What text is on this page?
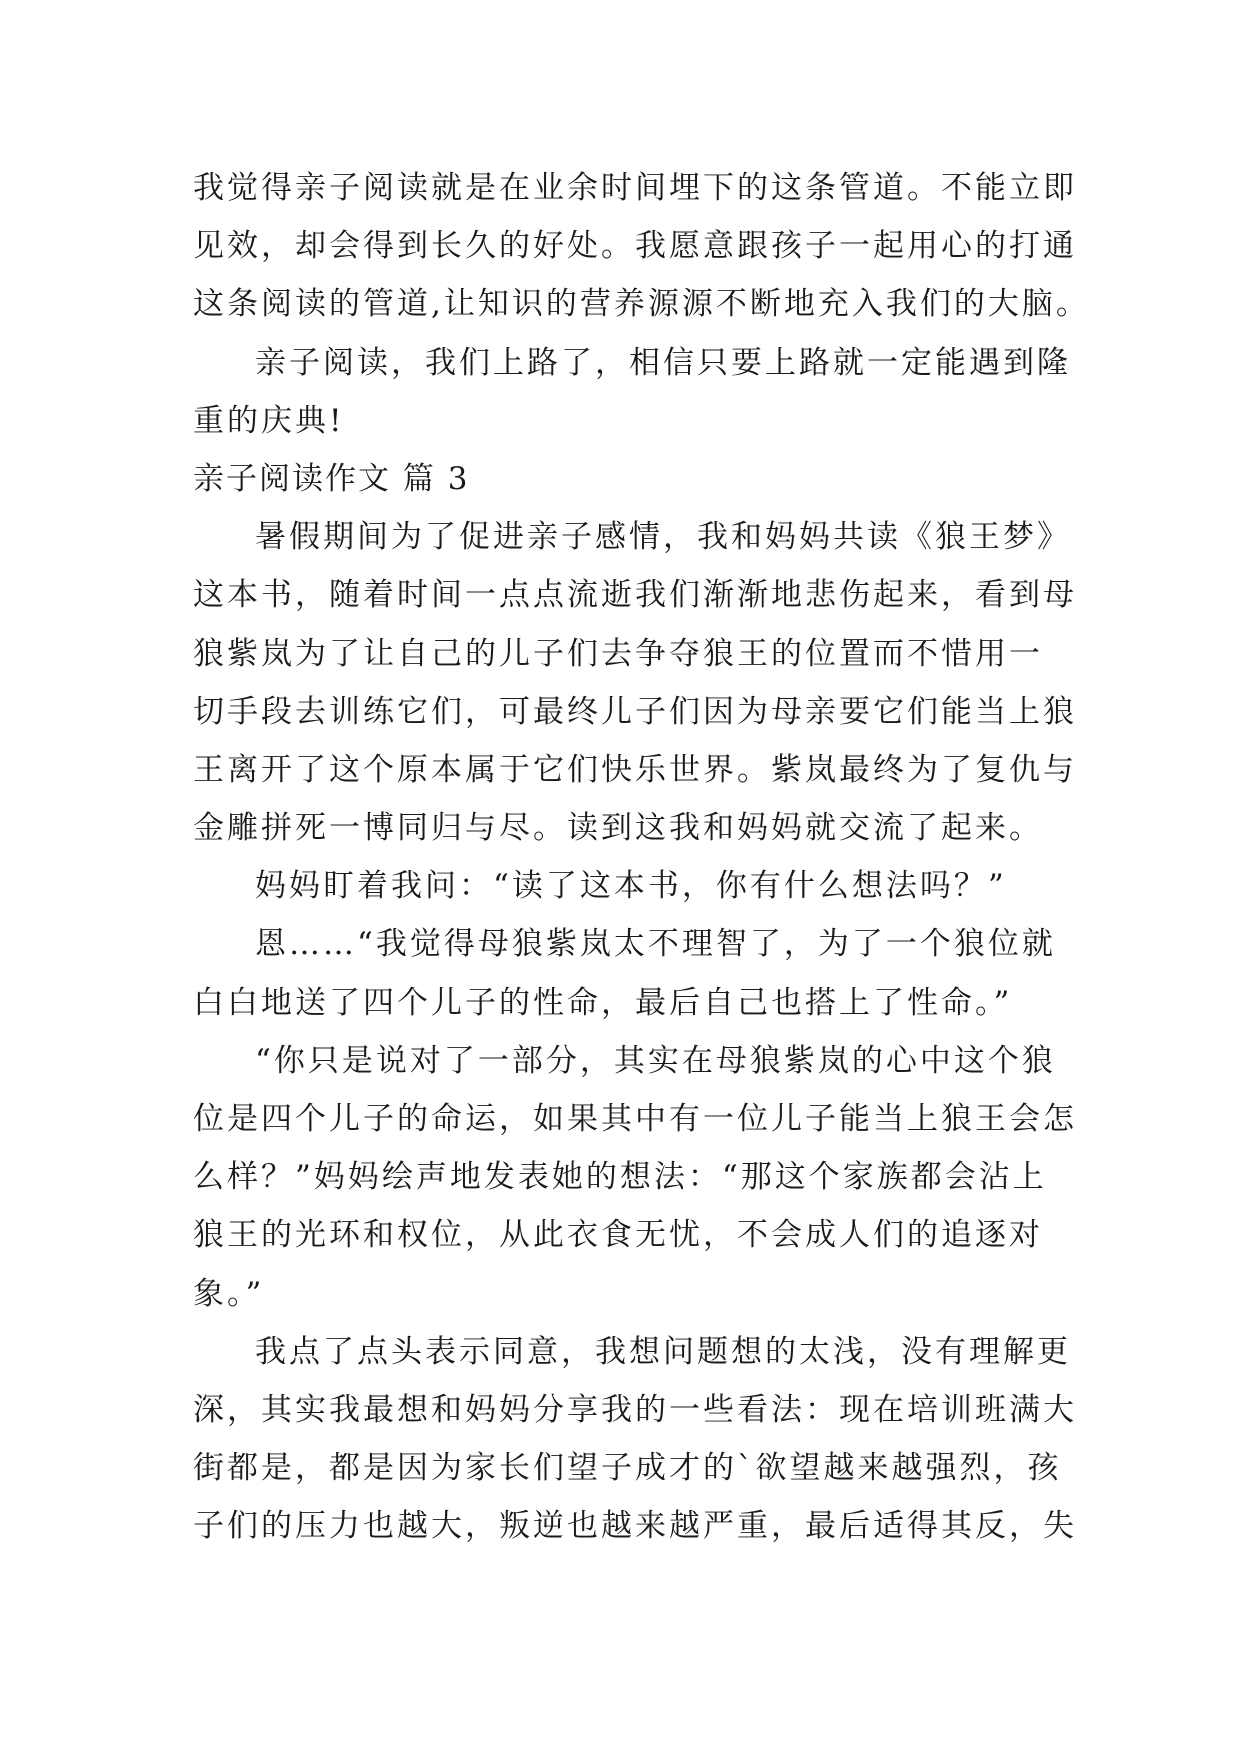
我觉得亲子阅读就是在业余时间埋下的这条管道。不能立即
见效，却会得到长久的好处。我愿意跟孩子一起用心的打通
这条阅读的管道,让知识的营养源源不断地充入我们的大脑。
亲子阅读，我们上路了，相信只要上路就一定能遇到隆
重的庆典!
亲子阅读作文 篇 3
暑假期间为了促进亲子感情，我和妈妈共读《狼王梦》
这本书，随着时间一点点流逝我们渐渐地悲伤起来，看到母
狼紫岚为了让自己的儿子们去争夺狼王的位置而不惜用一
切手段去训练它们，可最终儿子们因为母亲要它们能当上狼
王离开了这个原本属于它们快乐世界。紫岚最终为了复仇与
金雕拼死一博同归与尽。读到这我和妈妈就交流了起来。
妈妈盯着我问：“读了这本书，你有什么想法吗？”
恩……“我觉得母狼紫岚太不理智了，为了一个狼位就
白白地送了四个儿子的性命，最后自己也搭上了性命。”
“你只是说对了一部分，其实在母狼紫岚的心中这个狼
位是四个儿子的命运，如果其中有一位儿子能当上狼王会怎
么样？”妈妈绘声地发表她的想法：“那这个家族都会沾上
狼王的光环和权位，从此衣食无忧，不会成人们的追逐对
象。”
我点了点头表示同意，我想问题想的太浅，没有理解更
深，其实我最想和妈妈分享我的一些看法：现在培训班满大
街都是，都是因为家长们望子成才的`欲望越来越强烈，孩
子们的压力也越大，叛逆也越来越严重，最后适得其反，失
